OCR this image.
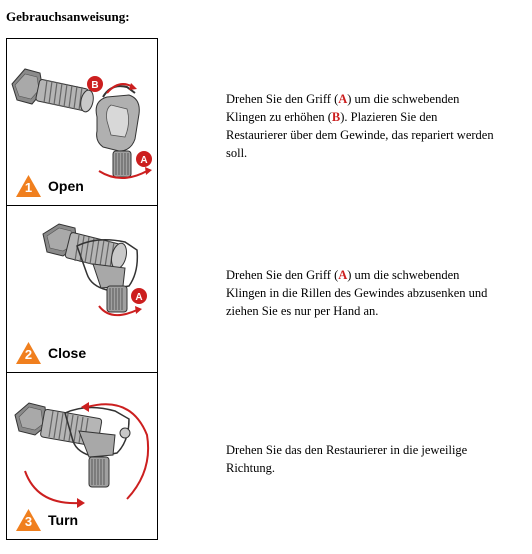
Gebrauchsanweisung:
B
A
1	Open
A
2	Close
3	Turn
Drehen Sie den Griff (A) um die schwebenden Klingen zu erhöhen (B). Plazieren Sie den Restaurierer über dem Gewinde, das repariert werden soll.
Drehen Sie den Griff (A) um die schwebenden Klingen in die Rillen des Gewindes abzusenken und ziehen Sie es nur per Hand an.
Drehen Sie das den Restaurierer in die jeweilige Richtung.
